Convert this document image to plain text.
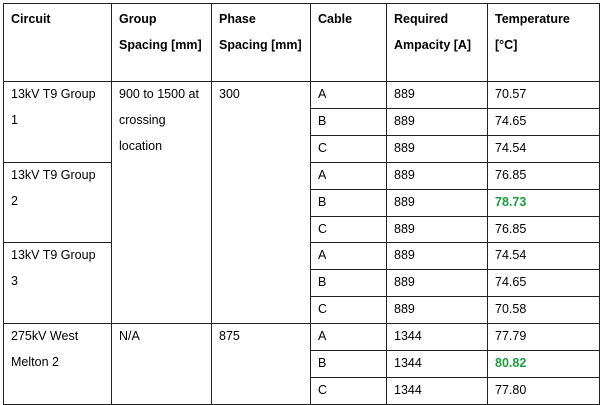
Circuit	Group Spacing [mm]	Phase Spacing [mm]	Cable	Required Ampacity [A]	Temperature [°C]
13kV T9 Group 1	900 to 1500 at crossing location	300	A	889	70.57
			B	889	74.65
			C	889	74.54
13kV T9 Group 2			A	889	76.85
			B	889	78.73
			C	889	76.85
13kV T9 Group 3			A	889	74.54
			B	889	74.65
			C	889	70.58
275kV West Melton 2	N/A	875	A	1344	77.79
			B	1344	80.82
			C	1344	77.80
